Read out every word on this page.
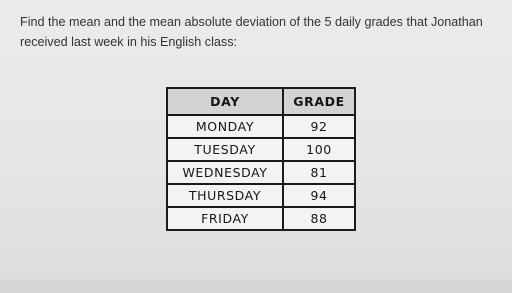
Find the mean and the mean absolute deviation of the 5 daily grades that Jonathan received last week in his English class:

DAY	GRADE
MONDAY	92
TUESDAY	100
WEDNESDAY	81
THURSDAY	94
FRIDAY	88
